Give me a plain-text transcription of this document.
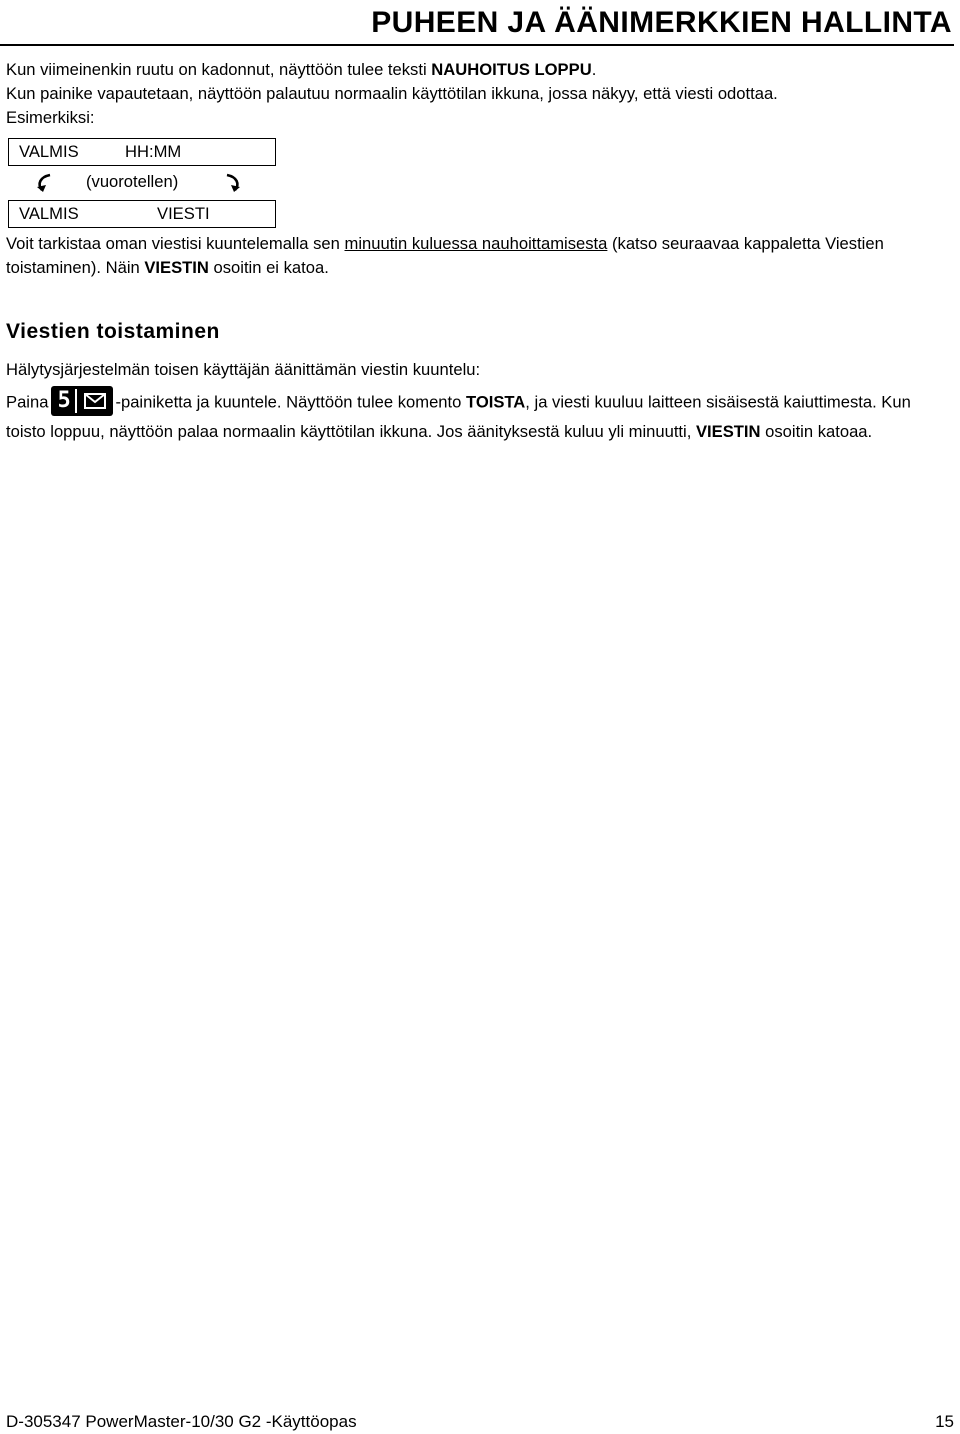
PUHEEN JA ÄÄNIMERKKIEN HALLINTA

Kun viimeinenkin ruutu on kadonnut, näyttöön tulee teksti NAUHOITUS LOPPU.

Kun painike vapautetaan, näyttöön palautuu normaalin käyttötilan ikkuna, jossa näkyy, että viesti odottaa.
Esimerkiksi:

VALMIS	HH:MM
(vuorotellen)
VALMIS	VIESTI

Voit tarkistaa oman viestisi kuuntelemalla sen minuutin kuluessa nauhoittamisesta (katso seuraavaa kappaletta Viestien toistaminen). Näin VIESTIN osoitin ei katoa.

Viestien toistaminen

Hälytysjärjestelmän toisen käyttäjän äänittämän viestin kuuntelu:

Paina 5	-painiketta ja kuuntele. Näyttöön tulee komento TOISTA, ja viesti kuuluu laitteen sisäisestä kaiuttimesta. Kun toisto loppuu, näyttöön palaa normaalin käyttötilan ikkuna. Jos äänityksestä kuluu yli minuutti, VIESTIN osoitin katoaa.

D-305347 PowerMaster-10/30 G2 -Käyttöopas	15
